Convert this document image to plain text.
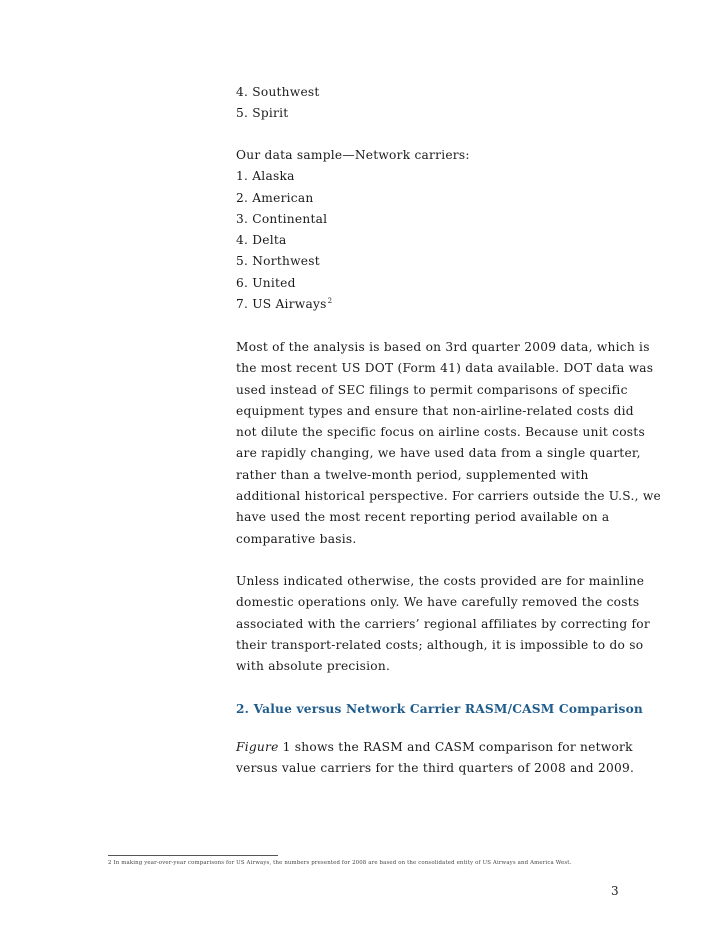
4. Southwest
5. Spirit
Our data sample—Network carriers:
1. Alaska
2. American
3. Continental
4. Delta
5. Northwest
6. United
7. US Airways$^2$
Most of the analysis is based on 3rd quarter 2009 data, which is
the most recent US DOT (Form 41) data available. DOT data was
used instead of SEC filings to permit comparisons of specific
equipment types and ensure that non-airline-related costs did
not dilute the specific focus on airline costs. Because unit costs
are rapidly changing, we have used data from a single quarter,
rather than a twelve-month period, supplemented with
additional historical perspective. For carriers outside the U.S., we
have used the most recent reporting period available on a
comparative basis.
Unless indicated otherwise, the costs provided are for mainline
domestic operations only. We have carefully removed the costs
associated with the carriers’ regional affiliates by correcting for
their transport-related costs; although, it is impossible to do so
with absolute precision.
2. Value versus Network Carrier RASM/CASM Comparison
Figure 1 shows the RASM and CASM comparison for network
versus value carriers for the third quarters of 2008 and 2009.
2 In making year-over-year comparisons for US Airways, the numbers presented for 2008 are based on the consolidated entity of US Airways and America West.
3
